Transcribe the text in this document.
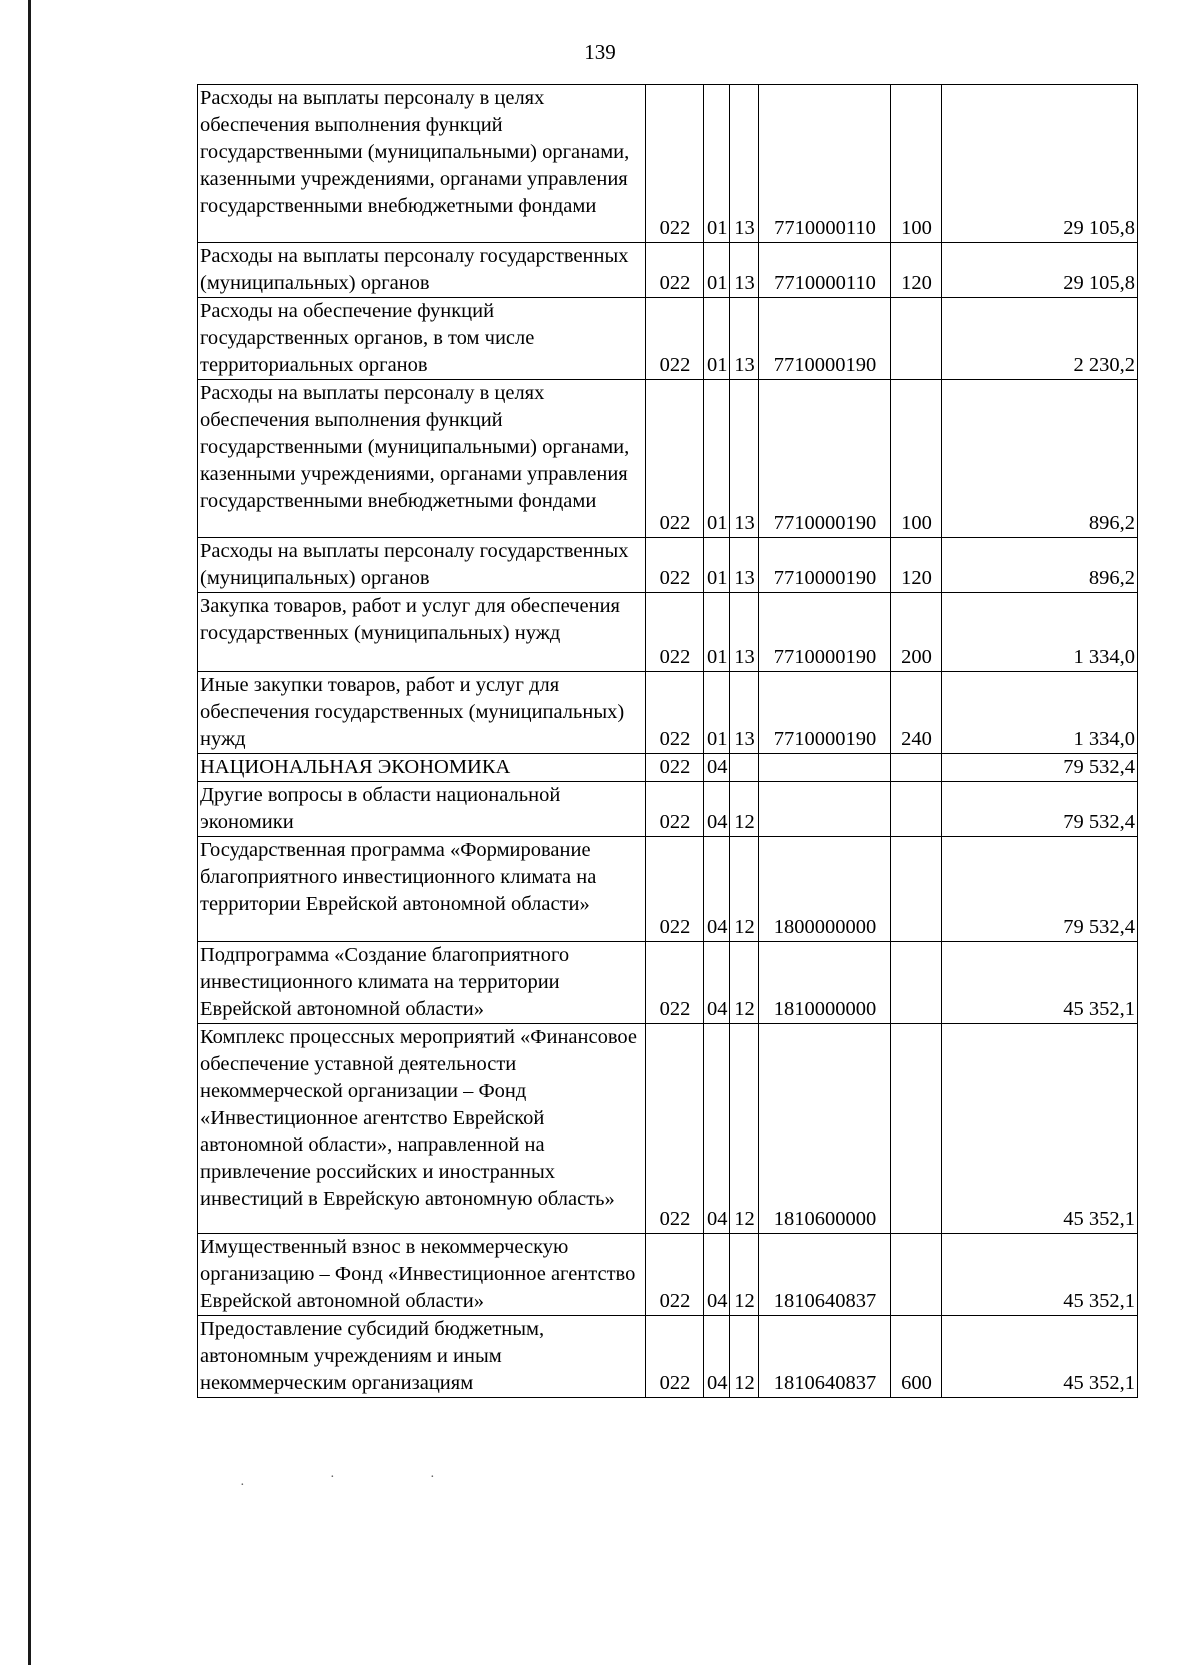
139
Расходы на выплаты персоналу в целях обеспечения выполнения функций государственными (муниципальными) органами, казенными учреждениями, органами управления государственными внебюджетными фондами	022	01	13	7710000110	100	29 105,8
Расходы на выплаты персоналу государственных (муниципальных) органов	022	01	13	7710000110	120	29 105,8
Расходы на обеспечение функций государственных органов, в том числе территориальных органов	022	01	13	7710000190		2 230,2
Расходы на выплаты персоналу в целях обеспечения выполнения функций государственными (муниципальными) органами, казенными учреждениями, органами управления государственными внебюджетными фондами	022	01	13	7710000190	100	896,2
Расходы на выплаты персоналу государственных (муниципальных) органов	022	01	13	7710000190	120	896,2
Закупка товаров, работ и услуг для обеспечения государственных (муниципальных) нужд	022	01	13	7710000190	200	1 334,0
Иные закупки товаров, работ и услуг для обеспечения государственных (муниципальных) нужд	022	01	13	7710000190	240	1 334,0
НАЦИОНАЛЬНАЯ ЭКОНОМИКА	022	04				79 532,4
Другие вопросы в области национальной экономики	022	04	12			79 532,4
Государственная программа «Формирование благоприятного инвестиционного климата на территории Еврейской автономной области»	022	04	12	1800000000		79 532,4
Подпрограмма «Создание благоприятного инвестиционного климата на территории Еврейской автономной области»	022	04	12	1810000000		45 352,1
Комплекс процессных мероприятий «Финансовое обеспечение уставной деятельности некоммерческой организации – Фонд «Инвестиционное агентство Еврейской автономной области», направленной на привлечение российских и иностранных инвестиций в Еврейскую автономную область»	022	04	12	1810600000		45 352,1
Имущественный взнос в некоммерческую организацию – Фонд «Инвестиционное агентство Еврейской автономной области»	022	04	12	1810640837		45 352,1
Предоставление субсидий бюджетным, автономным учреждениям и иным некоммерческим организациям	022	04	12	1810640837	600	45 352,1
·
·
·
